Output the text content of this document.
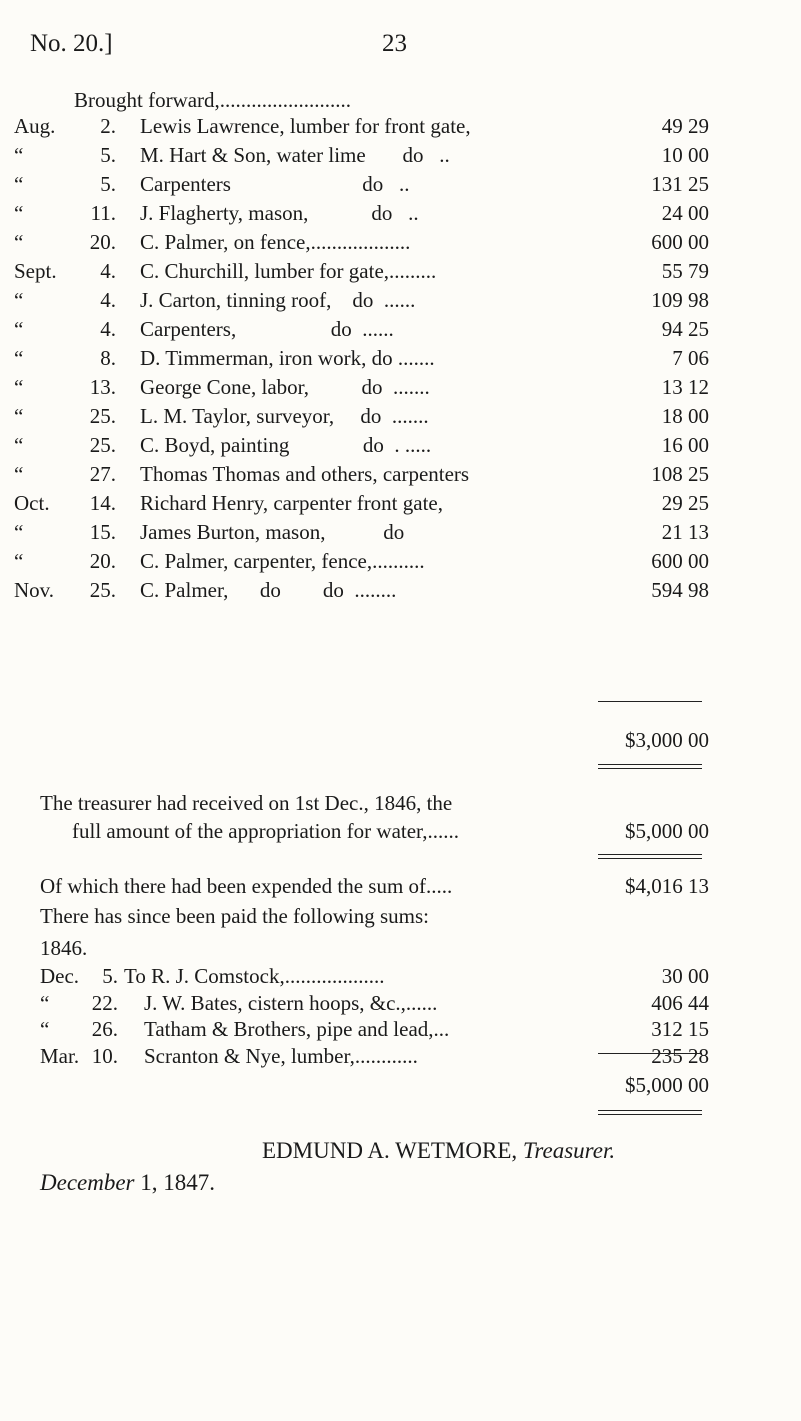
No. 20.]	23
Brought forward,.........................
Aug. 2.	Lewis Lawrence, lumber for front gate,	49 29
“	5.	M. Hart & Son, water lime       do   ..	10 00
“	5.	Carpenters                         do   ..	131 25
“	11.	J. Flagherty, mason,            do   ..	24 00
“	20.	C. Palmer, on fence,...................	600 00
Sept. 4.	C. Churchill, lumber for gate,.........	55 79
“	4.	J. Carton, tinning roof,    do  ......	109 98
“	4.	Carpenters,                  do  ......	94 25
“	8.	D. Timmerman, iron work, do .......	7 06
“	13.	George Cone, labor,          do  .......	13 12
“	25.	L. M. Taylor, surveyor,     do  .......	18 00
“	25.	C. Boyd, painting              do  . .....	16 00
“	27.	Thomas Thomas and others, carpenters	108 25
Oct. 14.	Richard Henry, carpenter front gate,	29 25
“	15.	James Burton, mason,           do	21 13
“	20.	C. Palmer, carpenter, fence,..........	600 00
Nov. 25.	C. Palmer,      do        do  ........	594 98
$3,000 00
The treasurer had received on 1st Dec., 1846, the
full amount of the appropriation for water,......	$5,000 00
Of which there had been expended the sum of.....	$4,016 13
There has since been paid the following sums:
1846.
Dec. 5. To R. J. Comstock,...................	30 00
“ 22.	J. W. Bates, cistern hoops, &c.,......	406 44
“ 26.	Tatham & Brothers, pipe and lead,...	312 15
Mar. 10.	Scranton & Nye, lumber,............	235 28
$5,000 00
EDMUND A. WETMORE, Treasurer.
December 1, 1847.
